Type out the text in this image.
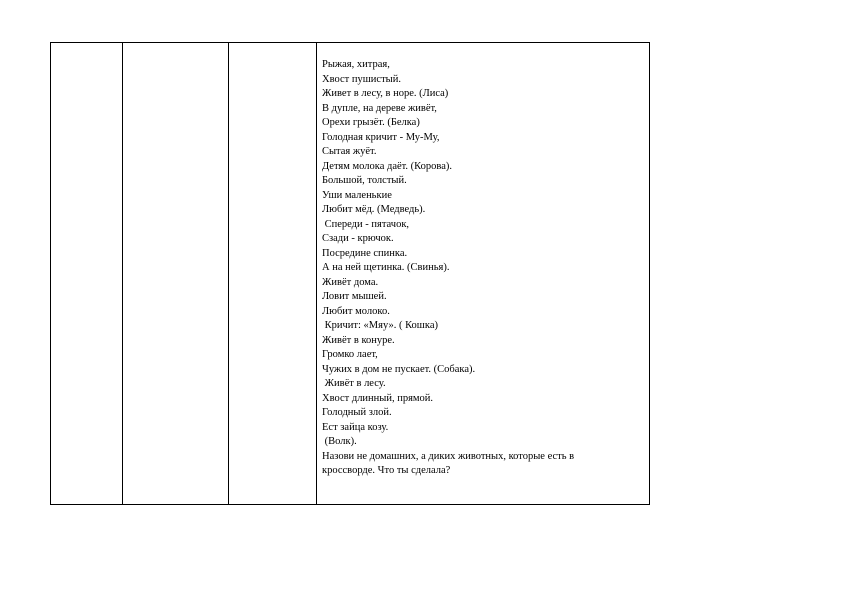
Рыжая, хитрая,
Хвост пушистый.
Живет в лесу, в норе. (Лиса)
В дупле, на дереве живёт,
Орехи грызёт. (Белка)
Голодная кричит - Му-Му,
Сытая жуёт.
Детям молока даёт. (Корова).
Большой, толстый.
Уши маленькие
Любит мёд. (Медведь).
Спереди - пятачок,
Сзади - крючок.
Посредине спинка.
А на ней щетинка. (Свинья).
Живёт дома.
Ловит мышей.
Любит молоко.
Кричит: «Мяу». ( Кошка)
Живёт в конуре.
Громко лает,
Чужих в дом не пускает. (Собака).
Живёт в лесу.
Хвост длинный, прямой.
Голодный злой.
Ест зайца козу.
(Волк).
Назови не домашних, а диких животных, которые есть в
кроссворде. Что ты сделала?
